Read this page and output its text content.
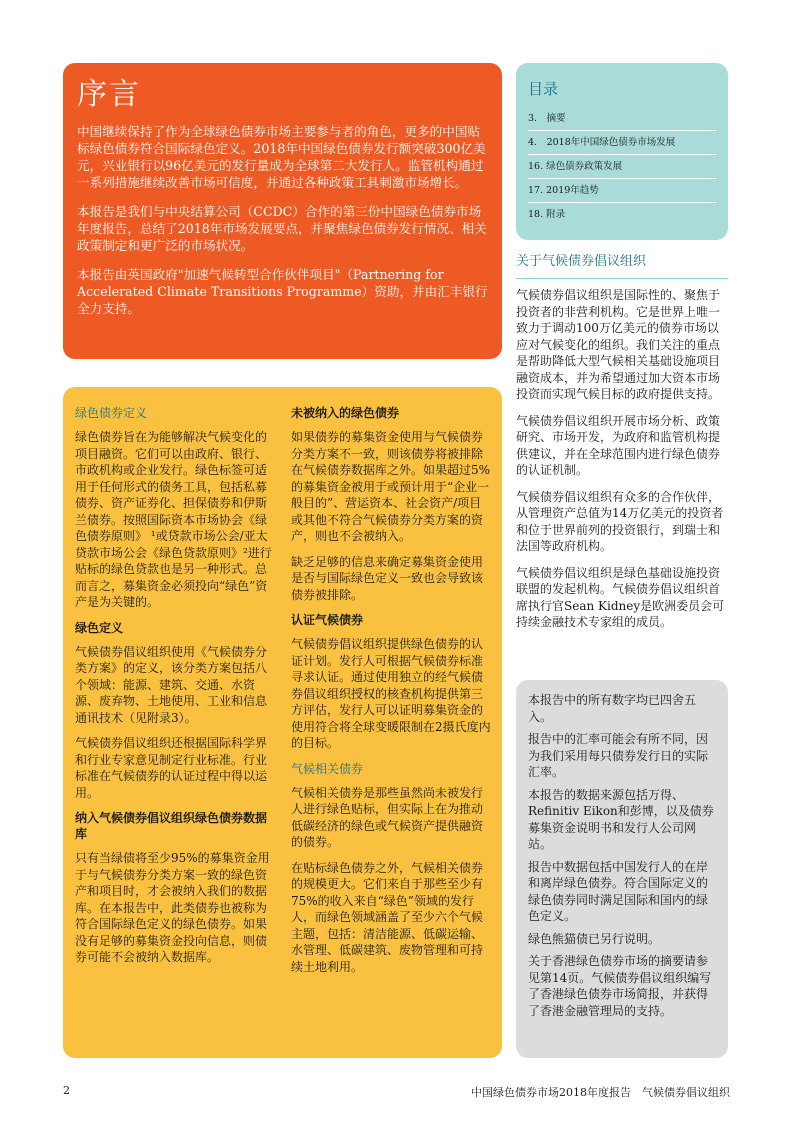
序言

中国继续保持了作为全球绿色债券市场主要参与者的角色，更多的中国贴标绿色债券符合国际绿色定义。2018年中国绿色债券发行额突破300亿美元，兴业银行以96亿美元的发行量成为全球第二大发行人。监管机构通过一系列措施继续改善市场可信度，并通过各种政策工具刺激市场增长。

本报告是我们与中央结算公司（CCDC）合作的第三份中国绿色债券市场年度报告，总结了2018年市场发展要点，并聚焦绿色债券发行情况、相关政策制定和更广泛的市场状况。

本报告由英国政府"加速气候转型合作伙伴项目"（Partnering for Accelerated Climate Transitions Programme）资助，并由汇丰银行全力支持。

目录
3.　摘要
4.　2018年中国绿色债券市场发展
16. 绿色债券政策发展
17. 2019年趋势
18. 附录
关于气候债券倡议组织

气候债券倡议组织是国际性的、聚焦于投资者的非营利机构。它是世界上唯一致力于调动100万亿美元的债券市场以应对气候变化的组织。我们关注的重点是帮助降低大型气候相关基础设施项目融资成本，并为希望通过加大资本市场投资而实现气候目标的政府提供支持。

气候债券倡议组织开展市场分析、政策研究、市场开发，为政府和监管机构提供建议，并在全球范围内进行绿色债券的认证机制。

气候债券倡议组织有众多的合作伙伴，从管理资产总值为14万亿美元的投资者和位于世界前列的投资银行，到瑞士和法国等政府机构。

气候债券倡议组织是绿色基础设施投资联盟的发起机构。气候债券倡议组织首席执行官Sean Kidney是欧洲委员会可持续金融技术专家组的成员。

本报告中的所有数字均已四舍五入。

报告中的汇率可能会有所不同，因为我们采用每只债券发行日的实际汇率。

本报告的数据来源包括万得、Refinitiv Eikon和彭博，以及债券募集资金说明书和发行人公司网站。

报告中数据包括中国发行人的在岸和离岸绿色债券。符合国际定义的绿色债券同时满足国际和国内的绿色定义。

绿色熊猫债已另行说明。

关于香港绿色债券市场的摘要请参见第14页。气候债券倡议组织编写了香港绿色债券市场简报，并获得了香港金融管理局的支持。

绿色债券定义

绿色债券旨在为能够解决气候变化的项目融资。它们可以由政府、银行、市政机构或企业发行。绿色标签可适用于任何形式的债务工具，包括私募债券、资产证券化、担保债券和伊斯兰债券。按照国际资本市场协会《绿色债券原则》 ¹或贷款市场公会/亚太贷款市场公会《绿色贷款原则》²进行贴标的绿色贷款也是另一种形式。总而言之，募集资金必须投向“绿色”资产是为关键的。

绿色定义

气候债券倡议组织使用《气候债券分类方案》的定义，该分类方案包括八个领域：能源、建筑、交通、水资源、废弃物、土地使用、工业和信息通讯技术（见附录3）。

气候债券倡议组织还根据国际科学界和行业专家意见制定行业标准。行业标准在气候债券的认证过程中得以运用。

纳入气候债券倡议组织绿色债券数据库

只有当绿债将至少95%的募集资金用于与气候债券分类方案一致的绿色资产和项目时，才会被纳入我们的数据库。在本报告中，此类债券也被称为符合国际绿色定义的绿色债券。如果没有足够的募集资金投向信息，则债券可能不会被纳入数据库。

未被纳入的绿色债券

如果债券的募集资金使用与气候债券分类方案不一致，则该债券将被排除在气候债券数据库之外。如果超过5%的募集资金被用于或预计用于“企业一般目的”、营运资本、社会资产/项目或其他不符合气候债券分类方案的资产，则也不会被纳入。

缺乏足够的信息来确定募集资金使用是否与国际绿色定义一致也会导致该债券被排除。

认证气候债券

气候债券倡议组织提供绿色债券的认证计划。发行人可根据气候债券标准寻求认证。通过使用独立的经气候债券倡议组织授权的核查机构提供第三方评估，发行人可以证明募集资金的使用符合将全球变暖限制在2摄氏度内的目标。

气候相关债券

气候相关债券是那些虽然尚未被发行人进行绿色贴标，但实际上在为推动低碳经济的绿色或气候资产提供融资的债券。

在贴标绿色债券之外，气候相关债券的规模更大。它们来自于那些至少有75%的收入来自“绿色”领域的发行人，而绿色领域涵盖了至少六个气候主题，包括：清洁能源、低碳运输、水管理、低碳建筑、废物管理和可持续土地利用。

2	中国绿色债券市场2018年度报告　气候债券倡议组织
